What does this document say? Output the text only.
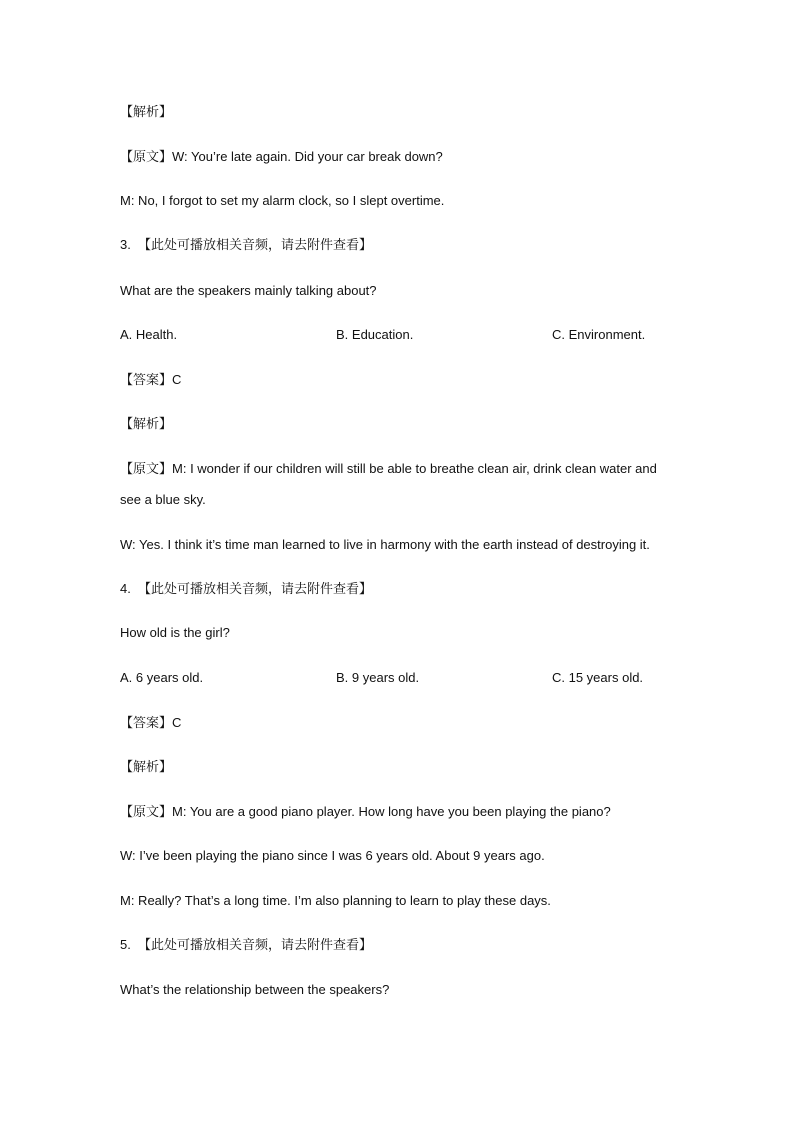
【解析】
【原文】W: You’re late again. Did your car break down?
M: No, I forgot to set my alarm clock, so I slept overtime.
3. 【此处可播放相关音频，请去附件查看】
What are the speakers mainly talking about?
A. Health.	B. Education.	C. Environment.
【答案】C
【解析】
【原文】M: I wonder if our children will still be able to breathe clean air, drink clean water and see a blue sky.
W: Yes. I think it’s time man learned to live in harmony with the earth instead of destroying it.
4. 【此处可播放相关音频，请去附件查看】
How old is the girl?
A. 6 years old.	B. 9 years old.	C. 15 years old.
【答案】C
【解析】
【原文】M: You are a good piano player. How long have you been playing the piano?
W: I’ve been playing the piano since I was 6 years old. About 9 years ago.
M: Really? That’s a long time. I’m also planning to learn to play these days.
5. 【此处可播放相关音频，请去附件查看】
What’s the relationship between the speakers?
